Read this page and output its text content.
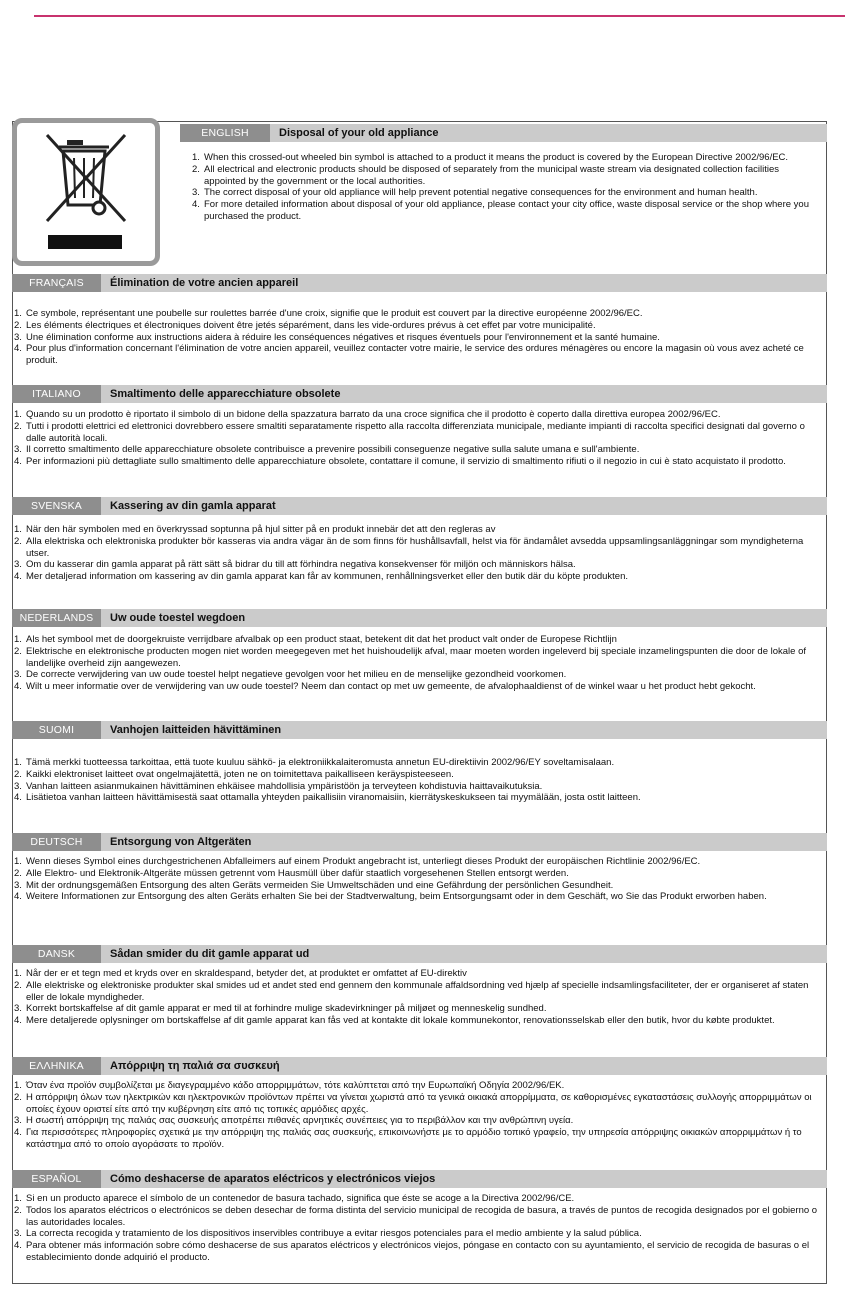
ENGLISH	Disposal of your old appliance
1. When this crossed-out wheeled bin symbol is attached to a product it means the product is covered by the European Directive 2002/96/EC.
2. All electrical and electronic products should be disposed of separately from the municipal waste stream via designated collection facilities appointed by the government or the local authorities.
3. The correct disposal of your old appliance will help prevent potential negative consequences for the environment and human health.
4. For more detailed information about disposal of your old appliance, please contact your city office, waste disposal service or the shop where you purchased the product.
FRANÇAIS	Élimination de votre ancien appareil
1. Ce symbole, représentant une poubelle sur roulettes barrée d'une croix, signifie que le produit est couvert par la directive européenne 2002/96/EC.
2. Les éléments électriques et électroniques doivent être jetés séparément, dans les vide-ordures prévus à cet effet par votre municipalité.
3. Une élimination conforme aux instructions aidera à réduire les conséquences négatives et risques éventuels pour l'environnement et la santé humaine.
4. Pour plus d'information concernant l'élimination de votre ancien appareil, veuillez contacter votre mairie, le service des ordures ménagères ou encore la magasin où vous avez acheté ce produit.
ITALIANO	Smaltimento delle apparecchiature obsolete
1. Quando su un prodotto è riportato il simbolo di un bidone della spazzatura barrato da una croce significa che il prodotto è coperto dalla direttiva europea 2002/96/EC.
2. Tutti i prodotti elettrici ed elettronici dovrebbero essere smaltiti separatamente rispetto alla raccolta differenziata municipale, mediante impianti di raccolta specifici designati dal governo o dalle autorità locali.
3. Il corretto smaltimento delle apparecchiature obsolete contribuisce a prevenire possibili conseguenze negative sulla salute umana e sull'ambiente.
4. Per informazioni più dettagliate sullo smaltimento delle apparecchiature obsolete, contattare il comune, il servizio di smaltimento rifiuti o il negozio in cui è stato acquistato il prodotto.
SVENSKA	Kassering av din gamla apparat
1. När den här symbolen med en överkryssad soptunna på hjul sitter på en produkt innebär det att den regleras av
2. Alla elektriska och elektroniska produkter bör kasseras via andra vägar än de som finns för hushållsavfall, helst via för ändamålet avsedda uppsamlingsanläggningar som myndigheterna utser.
3. Om du kasserar din gamla apparat på rätt sätt så bidrar du till att förhindra negativa konsekvenser för miljön och människors hälsa.
4. Mer detaljerad information om kassering av din gamla apparat kan får av kommunen, renhållningsverket eller den butik där du köpte produkten.
NEDERLANDS	Uw oude toestel wegdoen
1. Als het symbool met de doorgekruiste verrijdbare afvalbak op een product staat, betekent dit dat het product valt onder de Europese Richtlijn
2. Elektrische en elektronische producten mogen niet worden meegegeven met het huishoudelijk afval, maar moeten worden ingeleverd bij speciale inzamelingspunten die door de lokale of landelijke overheid zijn aangewezen.
3. De correcte verwijdering van uw oude toestel helpt negatieve gevolgen voor het milieu en de menselijke gezondheid voorkomen.
4. Wilt u meer informatie over de verwijdering van uw oude toestel? Neem dan contact op met uw gemeente, de afvalophaaldienst of de winkel waar u het product hebt gekocht.
SUOMI	Vanhojen laitteiden hävittäminen
1. Tämä merkki tuotteessa tarkoittaa, että tuote kuuluu sähkö- ja elektroniikkalaiteromusta annetun EU-direktiivin 2002/96/EY soveltamisalaan.
2. Kaikki elektroniset laitteet ovat ongelmajätettä, joten ne on toimitettava paikalliseen keräyspisteeseen.
3. Vanhan laitteen asianmukainen hävittäminen ehkäisee mahdollisia ympäristöön ja terveyteen kohdistuvia haittavaikutuksia.
4. Lisätietoa vanhan laitteen hävittämisestä saat ottamalla yhteyden paikallisiin viranomaisiin, kierrätyskeskukseen tai myymälään, josta ostit laitteen.
DEUTSCH	Entsorgung von Altgeräten
1. Wenn dieses Symbol eines durchgestrichenen Abfalleimers auf einem Produkt angebracht ist, unterliegt dieses Produkt der europäischen Richtlinie 2002/96/EC.
2. Alle Elektro- und Elektronik-Altgeräte müssen getrennt vom Hausmüll über dafür staatlich vorgesehenen Stellen entsorgt werden.
3. Mit der ordnungsgemäßen Entsorgung des alten Geräts vermeiden Sie Umweltschäden und eine Gefährdung der persönlichen Gesundheit.
4. Weitere Informationen zur Entsorgung des alten Geräts erhalten Sie bei der Stadtverwaltung, beim Entsorgungsamt oder in dem Geschäft, wo Sie das Produkt erworben haben.
DANSK	Sådan smider du dit gamle apparat ud
1. Når der er et tegn med et kryds over en skraldespand, betyder det, at produktet er omfattet af EU-direktiv
2. Alle elektriske og elektroniske produkter skal smides ud et andet sted end gennem den kommunale affaldsordning ved hjælp af specielle indsamlingsfaciliteter, der er organiseret af staten eller de lokale myndigheder.
3. Korrekt bortskaffelse af dit gamle apparat er med til at forhindre mulige skadevirkninger på miljøet og menneskelig sundhed.
4. Mere detaljerede oplysninger om bortskaffelse af dit gamle apparat kan fås ved at kontakte dit lokale kommunekontor, renovationsselskab eller den butik, hvor du købte produktet.
ΕΛΛΗΝΙΚΑ	Απόρριψη τη παλιά σα συσκευή
1. Όταν ένα προϊόν συμβολίζεται με διαγεγραμμένο κάδο απορριμμάτων, τότε καλύπτεται από την Ευρωπαϊκή Οδηγία 2002/96/ΕΚ.
2. Η απόρριψη όλων των ηλεκτρικών και ηλεκτρονικών προϊόντων πρέπει να γίνεται χωριστά από τα γενικά οικιακά απορρίμματα, σε καθορισμένες εγκαταστάσεις συλλογής απορριμμάτων οι οποίες έχουν οριστεί είτε από την κυβέρνηση είτε από τις τοπικές αρμόδιες αρχές.
3. Η σωστή απόρριψη της παλιάς σας συσκευής αποτρέπει πιθανές αρνητικές συνέπειες για το περιβάλλον και την ανθρώπινη υγεία.
4. Για περισσότερες πληροφορίες σχετικά με την απόρριψη της παλιάς σας συσκευής, επικοινωνήστε με το αρμόδιο τοπικό γραφείο, την υπηρεσία απόρριψης οικιακών απορριμμάτων ή το κατάστημα από το οποίο αγοράσατε το προϊόν.
ESPAÑOL	Cómo deshacerse de aparatos eléctricos y electrónicos viejos
1. Si en un producto aparece el símbolo de un contenedor de basura tachado, significa que éste se acoge a la Directiva 2002/96/CE.
2. Todos los aparatos eléctricos o electrónicos se deben desechar de forma distinta del servicio municipal de recogida de basura, a través de puntos de recogida designados por el gobierno o las autoridades locales.
3. La correcta recogida y tratamiento de los dispositivos inservibles contribuye a evitar riesgos potenciales para el medio ambiente y la salud pública.
4. Para obtener más información sobre cómo deshacerse de sus aparatos eléctricos y electrónicos viejos, póngase en contacto con su ayuntamiento, el servicio de recogida de basuras o el establecimiento donde adquirió el producto.
